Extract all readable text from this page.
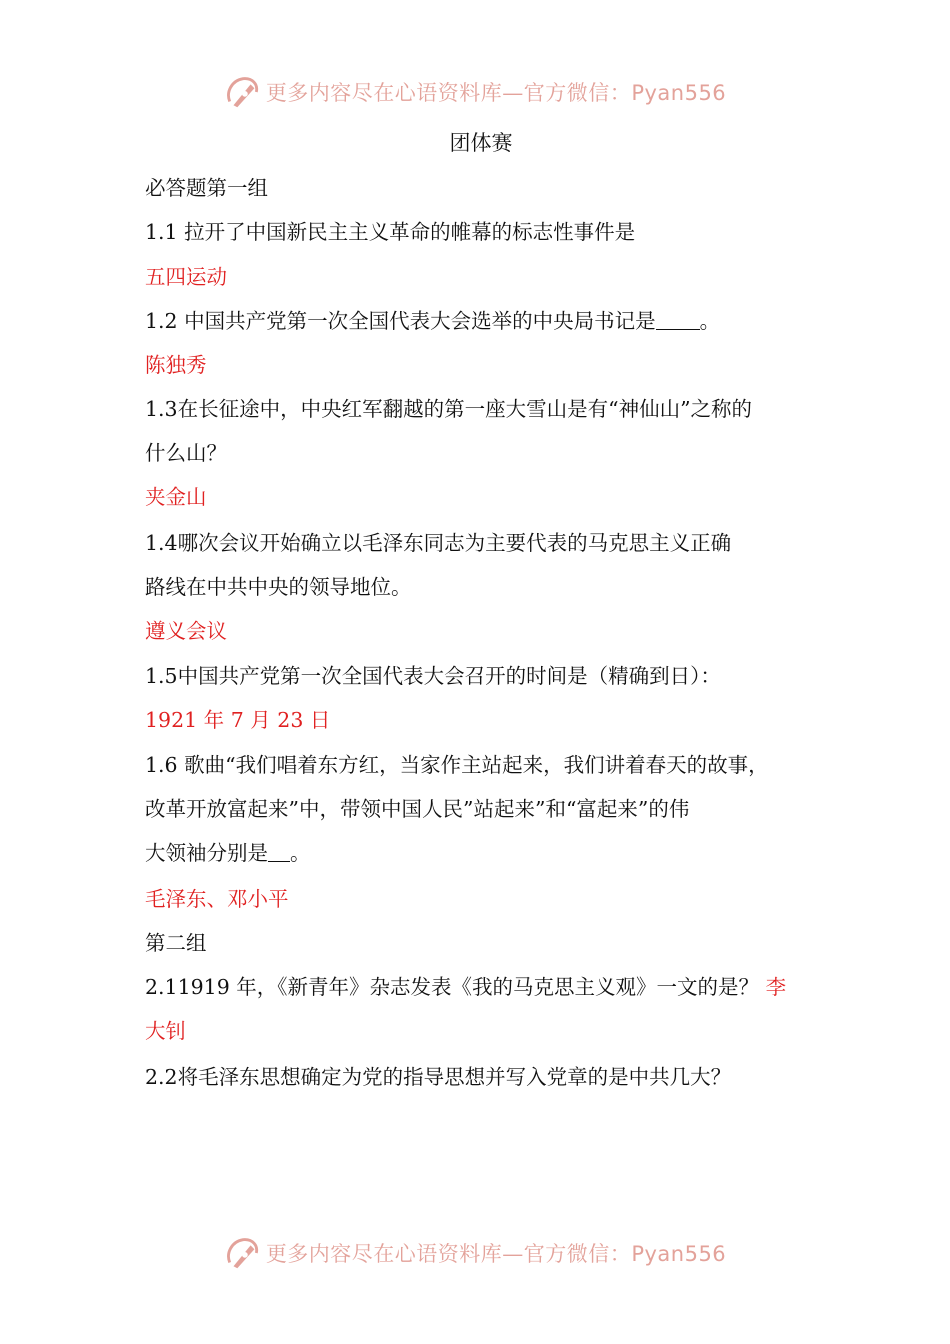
更多内容尽在心语资料库—官方微信：Pyan556
团体赛
必答题第一组
1.1 拉开了中国新民主主义革命的帷幕的标志性事件是
五四运动
1.2 中国共产党第一次全国代表大会选举的中央局书记是 。
陈独秀
1.3在长征途中，中央红军翻越的第一座大雪山是有“神仙山”之称的
什么山？
夹金山
1.4哪次会议开始确立以毛泽东同志为主要代表的马克思主义正确
路线在中共中央的领导地位。
遵义会议
1.5中国共产党第一次全国代表大会召开的时间是（精确到日）：
1921 年 7 月 23 日
1.6 歌曲“我们唱着东方红，当家作主站起来，我们讲着春天的故事，
改革开放富起来”中，带领中国人民”站起来”和“富起来”的伟
大领袖分别是 。
毛泽东、邓小平
第二组
2.11919 年，《新青年》杂志发表《我的马克思主义观》一文的是？ 李
大钊
2.2将毛泽东思想确定为党的指导思想并写入党章的是中共几大？
更多内容尽在心语资料库—官方微信：Pyan556
